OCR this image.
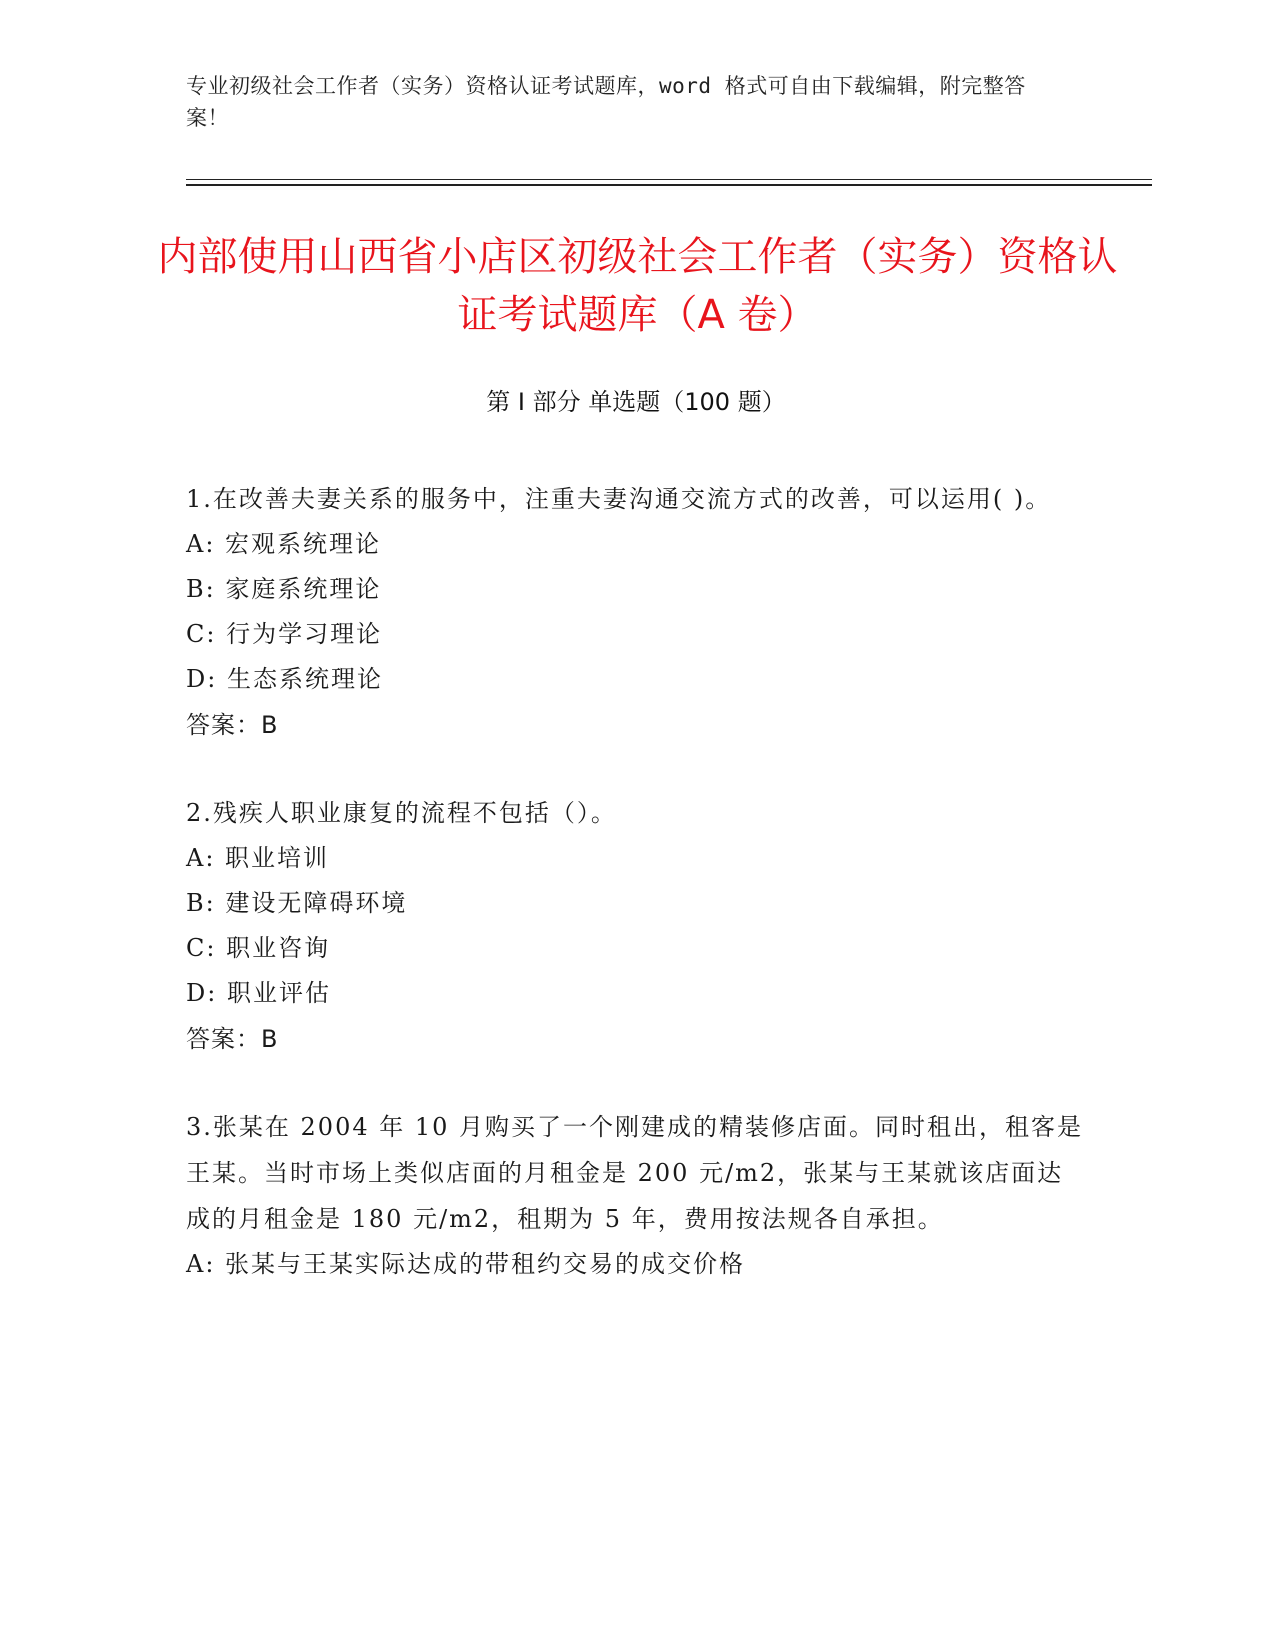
专业初级社会工作者（实务）资格认证考试题库，word 格式可自由下载编辑，附完整答案！
内部使用山西省小店区初级社会工作者（实务）资格认证考试题库（A 卷）
第 I 部分 单选题（100 题）

1.在改善夫妻关系的服务中，注重夫妻沟通交流方式的改善，可以运用( )。

A: 宏观系统理论

B: 家庭系统理论

C: 行为学习理论

D: 生态系统理论

答案：B

2.残疾人职业康复的流程不包括（）。

A: 职业培训

B: 建设无障碍环境

C: 职业咨询

D: 职业评估

答案：B

3.张某在 2004 年 10 月购买了一个刚建成的精装修店面。同时租出，租客是王某。当时市场上类似店面的月租金是 200 元/m2，张某与王某就该店面达成的月租金是 180 元/m2，租期为 5 年，费用按法规各自承担。

A: 张某与王某实际达成的带租约交易的成交价格
